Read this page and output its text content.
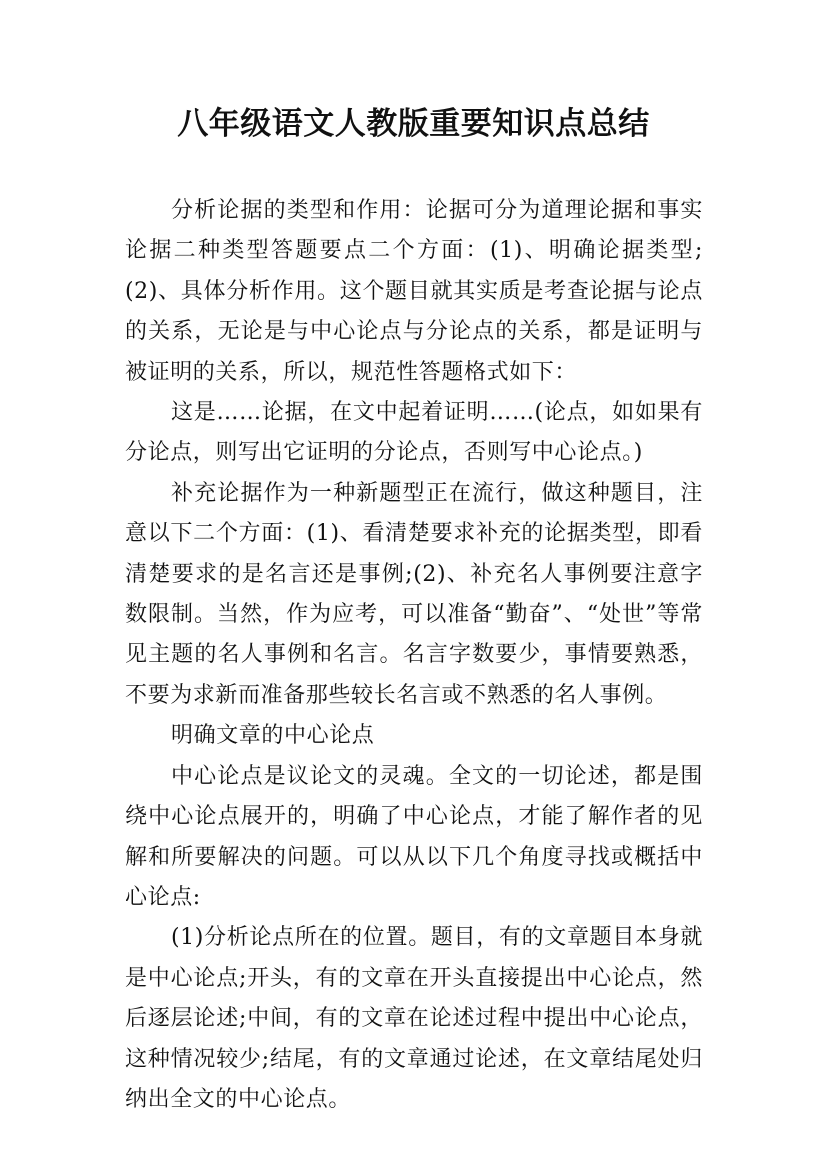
八年级语文人教版重要知识点总结

分析论据的类型和作用：论据可分为道理论据和事实论据二种类型答题要点二个方面：(1)、明确论据类型;(2)、具体分析作用。这个题目就其实质是考查论据与论点的关系，无论是与中心论点与分论点的关系，都是证明与被证明的关系，所以，规范性答题格式如下：

这是……论据，在文中起着证明……(论点，如如果有分论点，则写出它证明的分论点，否则写中心论点。)

补充论据作为一种新题型正在流行，做这种题目，注意以下二个方面：(1)、看清楚要求补充的论据类型，即看清楚要求的是名言还是事例;(2)、补充名人事例要注意字数限制。当然，作为应考，可以准备“勤奋”、“处世”等常见主题的名人事例和名言。名言字数要少，事情要熟悉，不要为求新而准备那些较长名言或不熟悉的名人事例。

明确文章的中心论点

中心论点是议论文的灵魂。全文的一切论述，都是围绕中心论点展开的，明确了中心论点，才能了解作者的见解和所要解决的问题。可以从以下几个角度寻找或概括中心论点:

(1)分析论点所在的位置。题目，有的文章题目本身就是中心论点;开头，有的文章在开头直接提出中心论点，然后逐层论述;中间，有的文章在论述过程中提出中心论点，这种情况较少;结尾，有的文章通过论述，在文章结尾处归纳出全文的中心论点。
